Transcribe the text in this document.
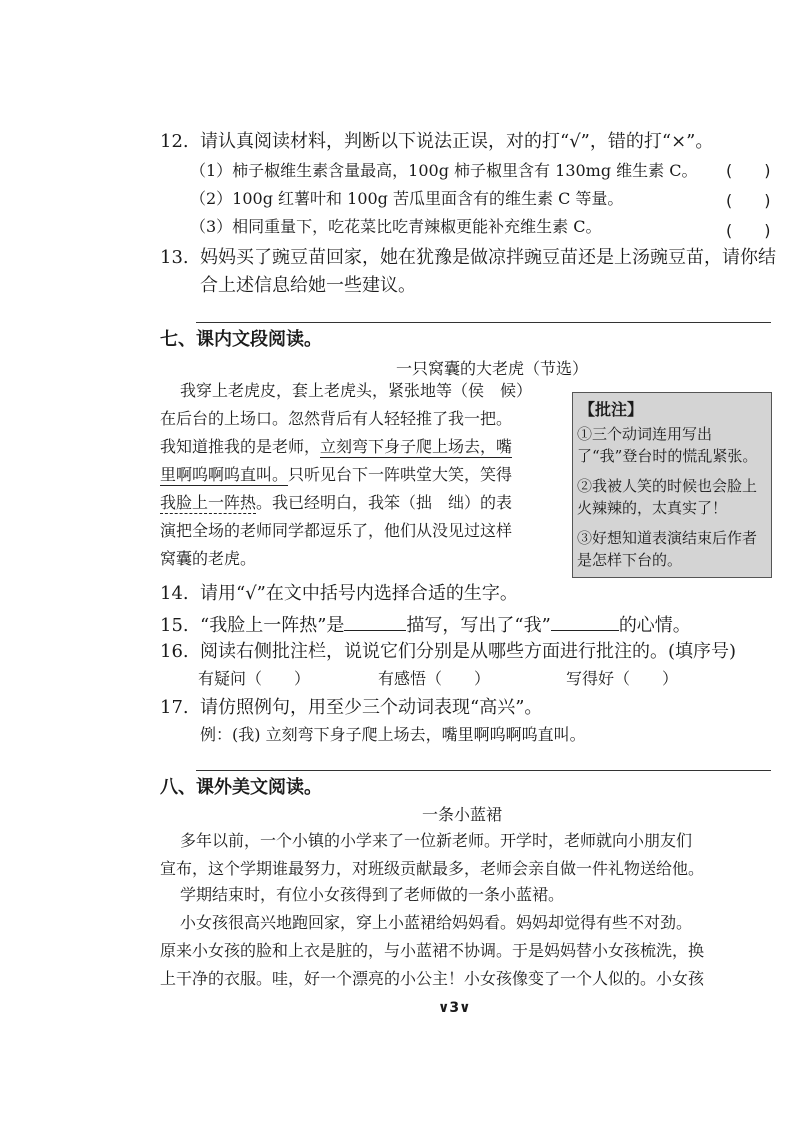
12. 请认真阅读材料，判断以下说法正误，对的打“√”，错的打“×”。
（1）柿子椒维生素含量最高，100g 柿子椒里含有 130mg 维生素 C。 (　　)
（2）100g 红薯叶和 100g 苦瓜里面含有的维生素 C 等量。	(　　)
（3）相同重量下，吃花菜比吃青辣椒更能补充维生素 C。	(　　)
13. 妈妈买了豌豆苗回家，她在犹豫是做凉拌豌豆苗还是上汤豌豆苗，请你结
合上述信息给她一些建议。
七、课内文段阅读。
一只窝囊的大老虎（节选）
我穿上老虎皮，套上老虎头，紧张地等（侯　候）
在后台的上场口。忽然背后有人轻轻推了我一把。
我知道推我的是老师，立刻弯下身子爬上场去，嘴
里啊呜啊呜直叫。只听见台下一阵哄堂大笑，笑得
我脸上一阵热。我已经明白，我笨（拙　绌）的表
演把全场的老师同学都逗乐了，他们从没见过这样
窝囊的老虎。
【批注】
①三个动词连用写出了“我”登台时的慌乱紧张。
②我被人笑的时候也会脸上火辣辣的，太真实了！
③好想知道表演结束后作者是怎样下台的。
14. 请用“√”在文中括号内选择合适的生字。
15. “我脸上一阵热”是	描写，写出了“我”	的心情。
16. 阅读右侧批注栏，说说它们分别是从哪些方面进行批注的。(填序号)
有疑问（　　）	有感悟（　　）	写得好（　　）
17. 请仿照例句，用至少三个动词表现“高兴”。
例：(我) 立刻弯下身子爬上场去，嘴里啊呜啊呜直叫。
八、课外美文阅读。
一条小蓝裙
多年以前，一个小镇的小学来了一位新老师。开学时，老师就向小朋友们
宣布，这个学期谁最努力，对班级贡献最多，老师会亲自做一件礼物送给他。
学期结束时，有位小女孩得到了老师做的一条小蓝裙。
小女孩很高兴地跑回家，穿上小蓝裙给妈妈看。妈妈却觉得有些不对劲。
原来小女孩的脸和上衣是脏的，与小蓝裙不协调。于是妈妈替小女孩梳洗，换
上干净的衣服。哇，好一个漂亮的小公主！小女孩像变了一个人似的。小女孩
∨3∨
